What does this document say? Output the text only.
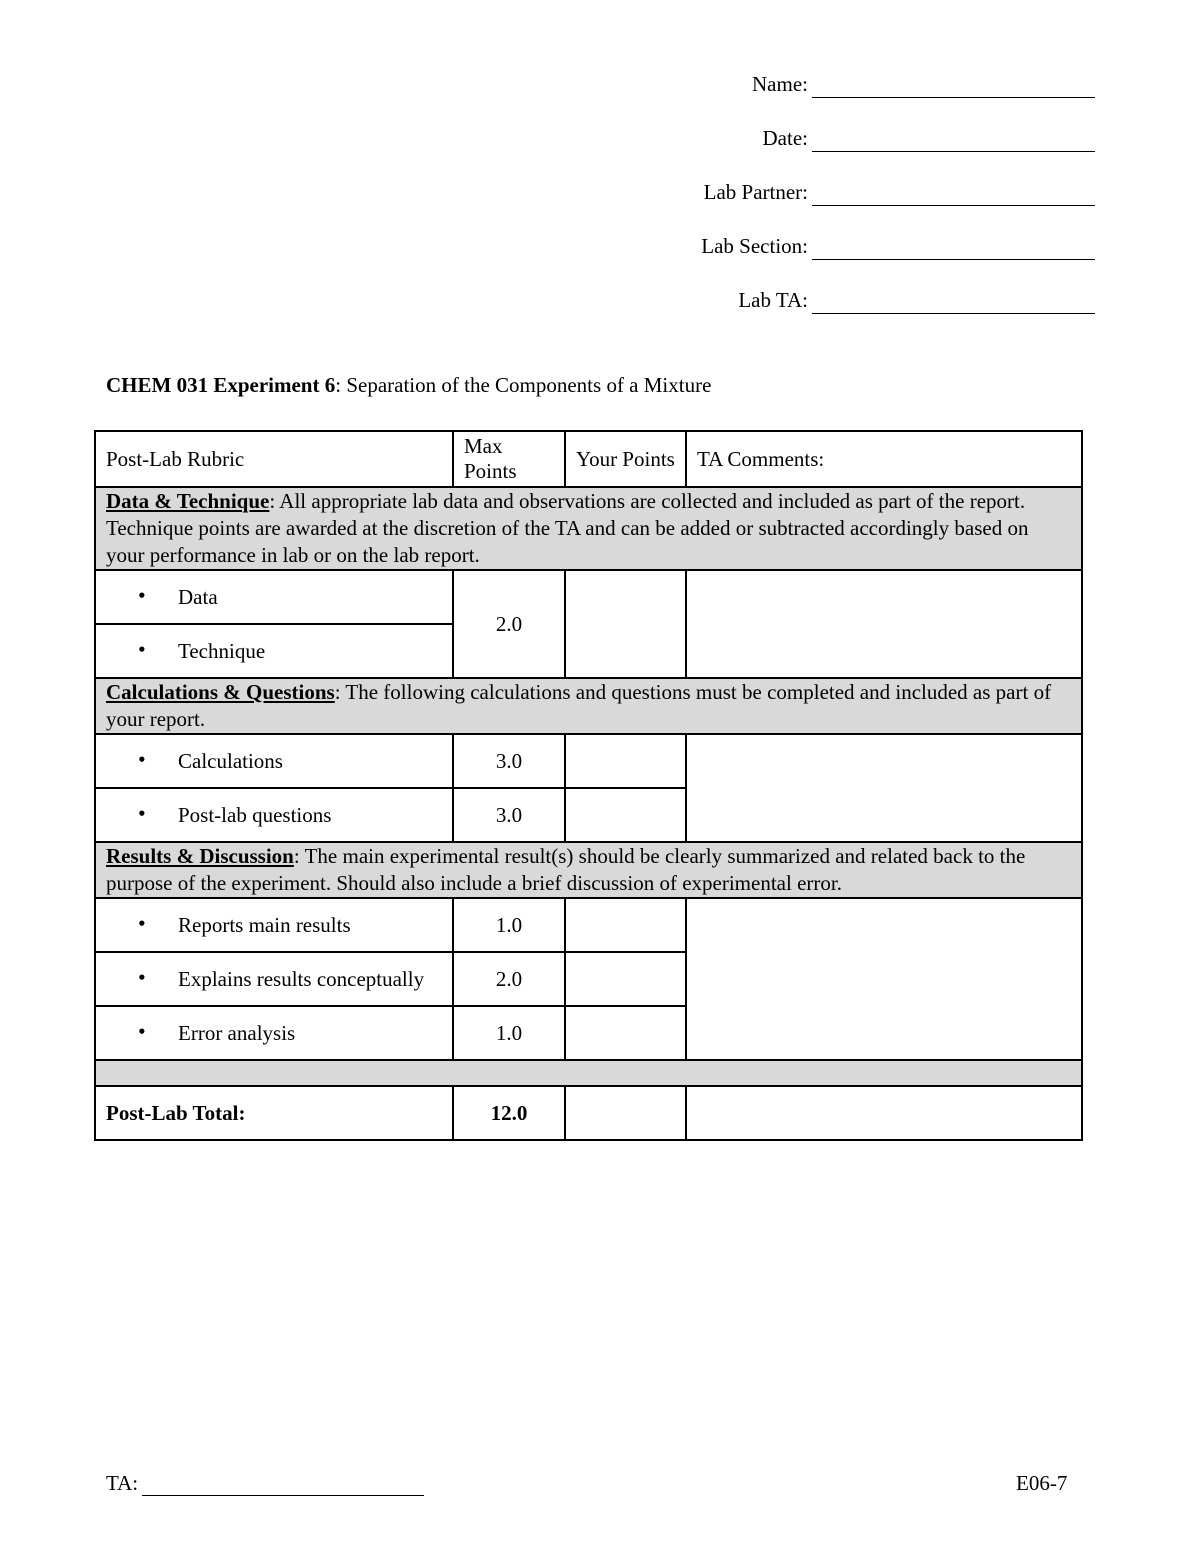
Name:
Date:
Lab Partner:
Lab Section:
Lab TA:
CHEM 031 Experiment 6: Separation of the Components of a Mixture
Post-Lab Rubric	Max Points	Your Points	TA Comments:
Data & Technique: All appropriate lab data and observations are collected and included as part of the report. Technique points are awarded at the discretion of the TA and can be added or subtracted accordingly based on your performance in lab or on the lab report.			
• Data	2.0		
• Technique
Calculations & Questions: The following calculations and questions must be completed and included as part of your report.			
• Calculations	3.0		
• Post-lab questions	3.0		
Results & Discussion: The main experimental result(s) should be clearly summarized and related back to the purpose of the experiment. Should also include a brief discussion of experimental error.			
• Reports main results	1.0		
• Explains results conceptually	2.0		
• Error analysis	1.0		

Post-Lab Total:	12.0		
TA:	E06-7
